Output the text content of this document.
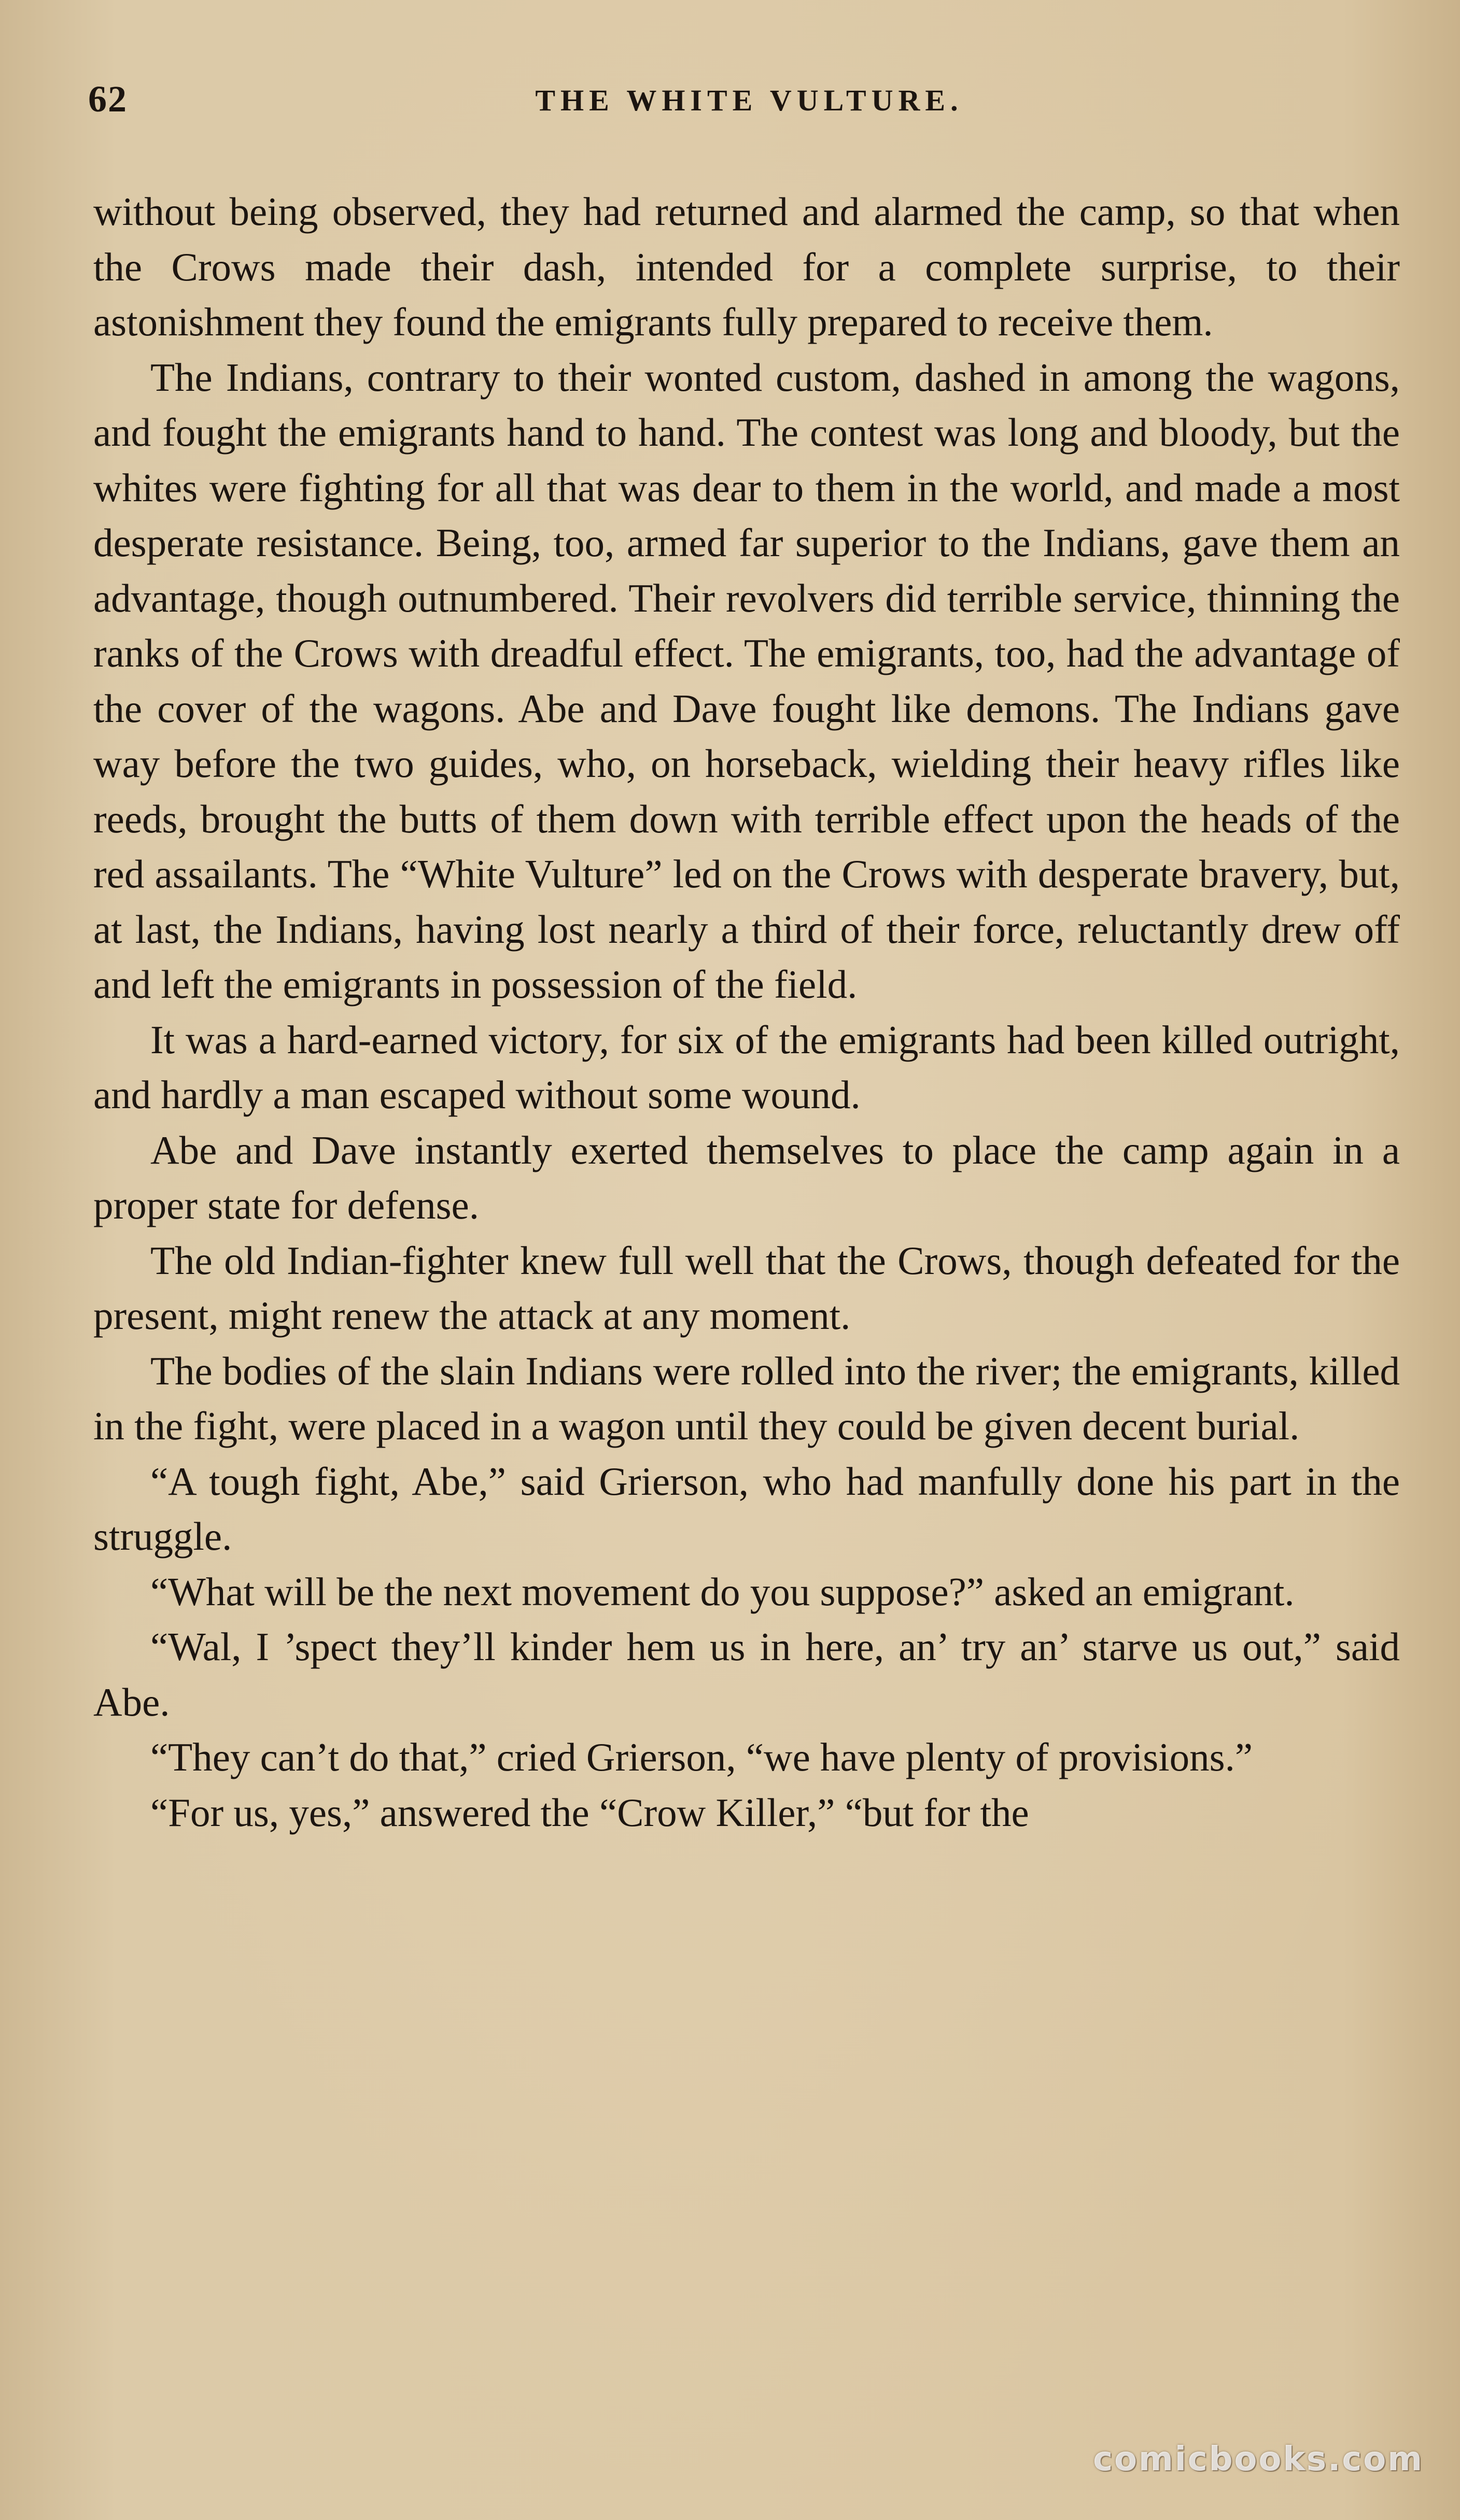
62	THE WHITE VULTURE.

without being observed, they had returned and alarmed the camp, so that when the Crows made their dash, intended for a complete surprise, to their astonishment they found the emigrants fully prepared to receive them.

The Indians, contrary to their wonted custom, dashed in among the wagons, and fought the emigrants hand to hand. The contest was long and bloody, but the whites were fighting for all that was dear to them in the world, and made a most desperate resistance. Being, too, armed far superior to the Indians, gave them an advantage, though outnumbered. Their revolvers did terrible service, thinning the ranks of the Crows with dreadful effect. The emigrants, too, had the advantage of the cover of the wagons. Abe and Dave fought like demons. The Indians gave way before the two guides, who, on horseback, wielding their heavy rifles like reeds, brought the butts of them down with terrible effect upon the heads of the red assailants. The “White Vulture” led on the Crows with desperate bravery, but, at last, the Indians, having lost nearly a third of their force, reluctantly drew off and left the emigrants in possession of the field.

It was a hard-earned victory, for six of the emigrants had been killed outright, and hardly a man escaped without some wound.

Abe and Dave instantly exerted themselves to place the camp again in a proper state for defense.

The old Indian-fighter knew full well that the Crows, though defeated for the present, might renew the attack at any moment.

The bodies of the slain Indians were rolled into the river; the emigrants, killed in the fight, were placed in a wagon until they could be given decent burial.

“A tough fight, Abe,” said Grierson, who had manfully done his part in the struggle.

“What will be the next movement do you suppose?” asked an emigrant.

“Wal, I ’spect they’ll kinder hem us in here, an’ try an’ starve us out,” said Abe.

“They can’t do that,” cried Grierson, “we have plenty of provisions.”

“For us, yes,” answered the “Crow Killer,” “but for the

comicbooks.com
